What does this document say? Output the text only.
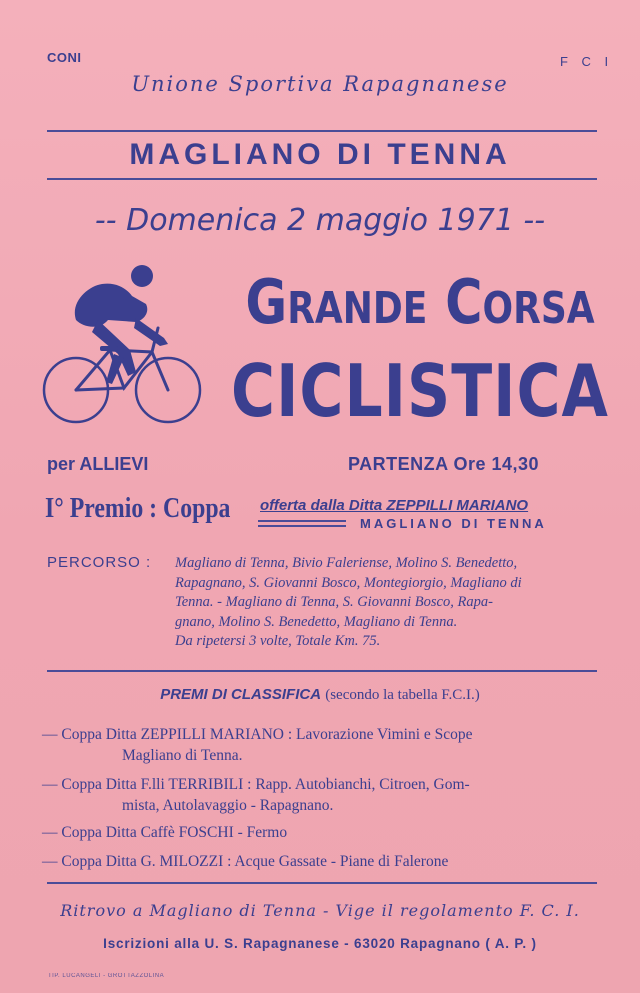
CONI	F C I
Unione Sportiva Rapagnanese
MAGLIANO DI TENNA
-- Domenica 2 maggio 1971 --
Grande Corsa
CICLISTICA
per ALLIEVI	PARTENZA Ore 14,30
I° Premio : Coppa offerta dalla Ditta ZEPPILLI MARIANO
MAGLIANO DI TENNA
PERCORSO : Magliano di Tenna, Bivio Faleriense, Molino S. Benedetto,
Rapagnano, S. Giovanni Bosco, Montegiorgio, Magliano di
Tenna. - Magliano di Tenna, S. Giovanni Bosco, Rapa-
gnano, Molino S. Benedetto, Magliano di Tenna.
Da ripetersi 3 volte, Totale Km. 75.
PREMI DI CLASSIFICA (secondo la tabella F.C.I.)
— Coppa Ditta ZEPPILLI MARIANO : Lavorazione Vimini e Scope
Magliano di Tenna.
— Coppa Ditta F.lli TERRIBILI : Rapp. Autobianchi, Citroen, Gom-
mista, Autolavaggio - Rapagnano.
— Coppa Ditta Caffè FOSCHI - Fermo
— Coppa Ditta G. MILOZZI : Acque Gassate - Piane di Falerone
Ritrovo a Magliano di Tenna - Vige il regolamento F. C. I.
Iscrizioni alla U. S. Rapagnanese - 63020 Rapagnano ( A. P. )
TIP. LUCANGELI - GROTTAZZOLINA
